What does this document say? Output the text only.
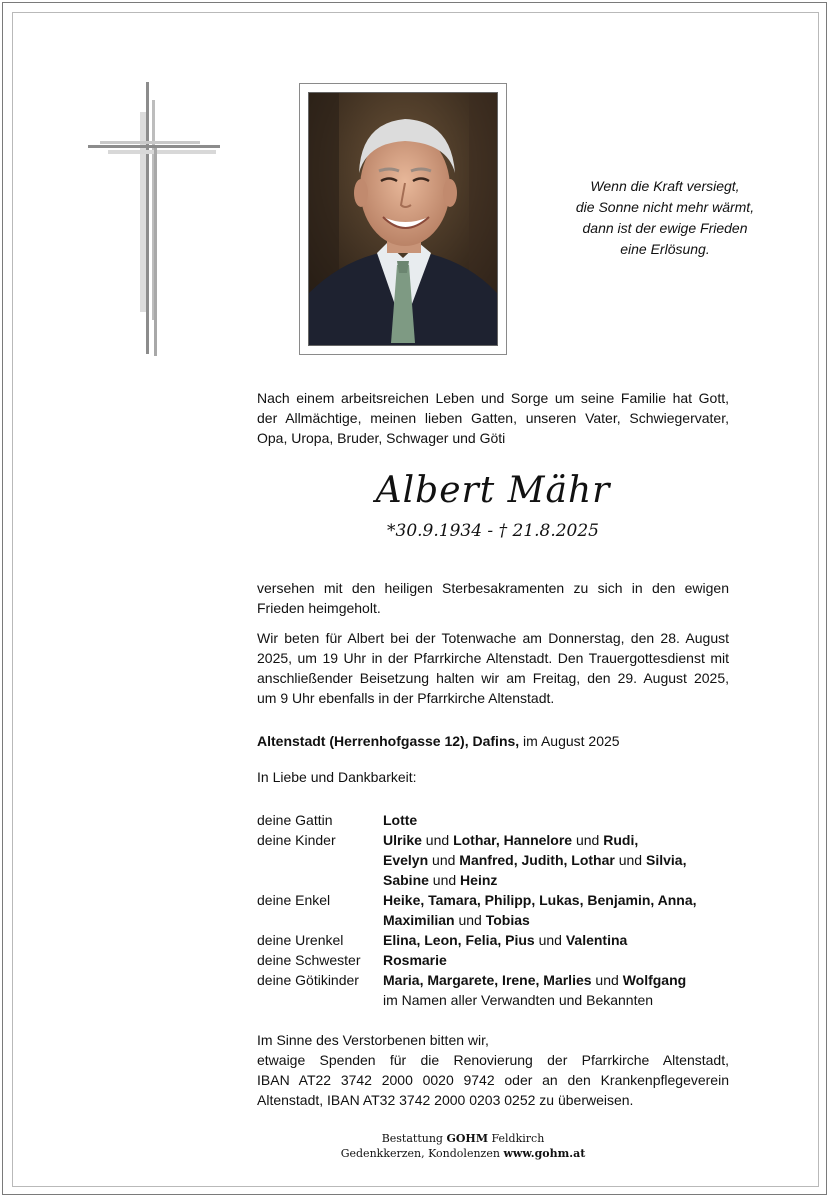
Wenn die Kraft versiegt,
die Sonne nicht mehr wärmt,
dann ist der ewige Frieden
eine Erlösung.
Nach einem arbeitsreichen Leben und Sorge um seine Familie hat Gott,
der Allmächtige, meinen lieben Gatten, unseren Vater, Schwiegervater,
Opa, Uropa, Bruder, Schwager und Göti
Albert Mähr
*30.9.1934 - † 21.8.2025
versehen mit den heiligen Sterbesakramenten zu sich in den ewigen
Frieden heimgeholt.
Wir beten für Albert bei der Totenwache am Donnerstag, den 28. August
2025, um 19 Uhr in der Pfarrkirche Altenstadt. Den Trauergottesdienst mit
anschließender Beisetzung halten wir am Freitag, den 29. August 2025,
um 9 Uhr ebenfalls in der Pfarrkirche Altenstadt.
Altenstadt (Herrenhofgasse 12), Dafins, im August 2025
In Liebe und Dankbarkeit:
deine Gattin	Lotte
deine Kinder	Ulrike und Lothar, Hannelore und Rudi,
Evelyn und Manfred, Judith, Lothar und Silvia,
Sabine und Heinz
deine Enkel	Heike, Tamara, Philipp, Lukas, Benjamin, Anna,
Maximilian und Tobias
deine Urenkel	Elina, Leon, Felia, Pius und Valentina
deine Schwester	Rosmarie
deine Götikinder	Maria, Margarete, Irene, Marlies und Wolfgang
im Namen aller Verwandten und Bekannten
Im Sinne des Verstorbenen bitten wir,
etwaige Spenden für die Renovierung der Pfarrkirche Altenstadt,
IBAN AT22 3742 2000 0020 9742 oder an den Krankenpflegeverein
Altenstadt, IBAN AT32 3742 2000 0203 0252 zu überweisen.
Bestattung GOHM Feldkirch
Gedenkkerzen, Kondolenzen www.gohm.at
